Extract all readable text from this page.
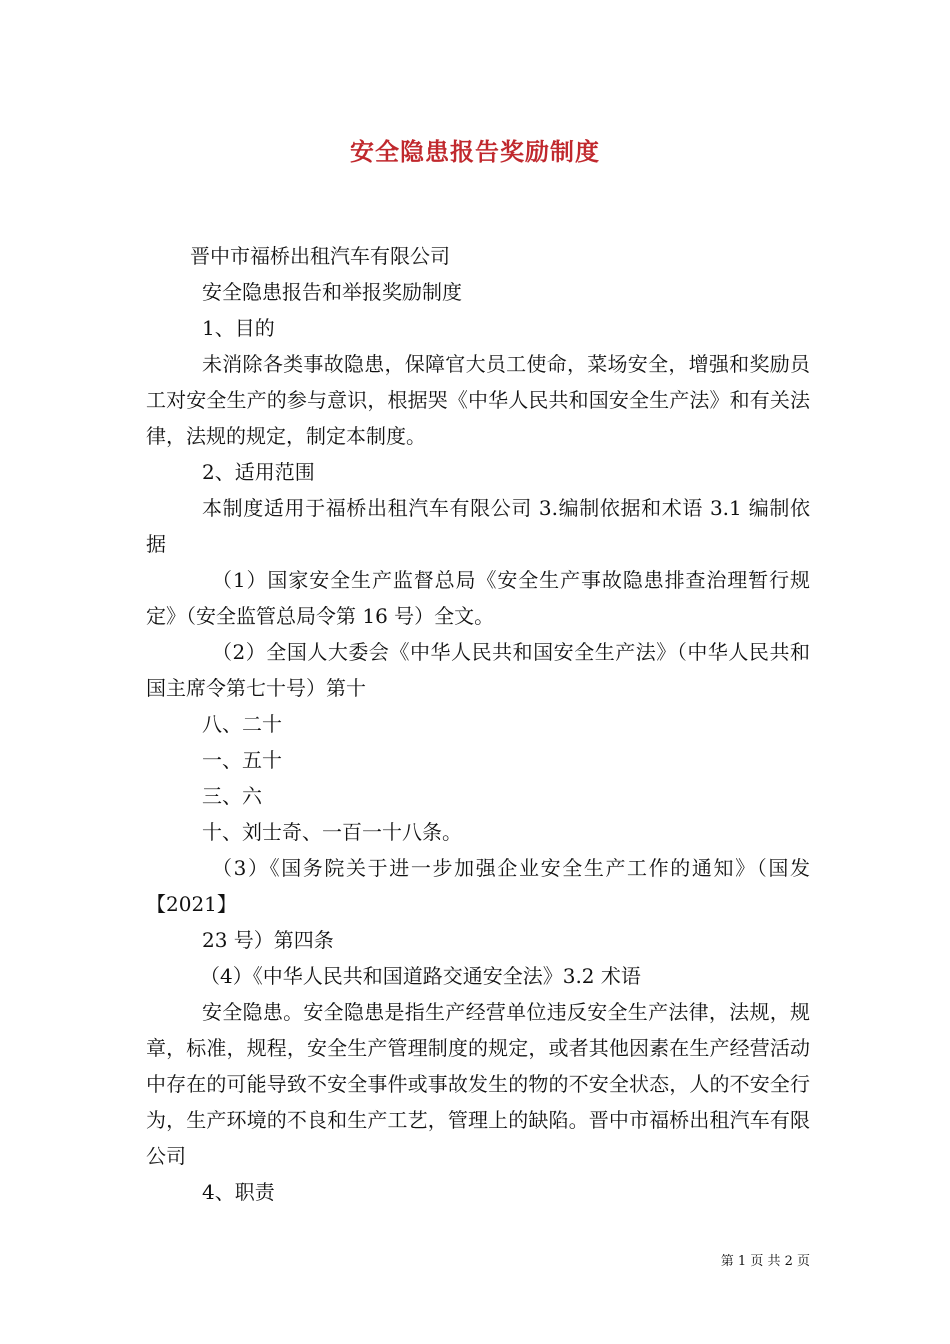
安全隐患报告奖励制度

晋中市福桥出租汽车有限公司

安全隐患报告和举报奖励制度

1、目的

未消除各类事故隐患，保障官大员工使命，菜场安全，增强和奖励员工对安全生产的参与意识，根据哭《中华人民共和国安全生产法》和有关法律，法规的规定，制定本制度。

2、适用范围

本制度适用于福桥出租汽车有限公司 3.编制依据和术语 3.1 编制依据

（1）国家安全生产监督总局《安全生产事故隐患排查治理暂行规定》（安全监管总局令第 16 号）全文。

（2）全国人大委会《中华人民共和国安全生产法》（中华人民共和国主席令第七十号）第十

八、二十

一、五十

三、六

十、刘士奇、一百一十八条。

（3）《国务院关于进一步加强企业安全生产工作的通知》（国发【2021】

23 号）第四条

（4）《中华人民共和国道路交通安全法》3.2 术语

安全隐患。安全隐患是指生产经营单位违反安全生产法律，法规，规章，标准，规程，安全生产管理制度的规定，或者其他因素在生产经营活动中存在的可能导致不安全事件或事故发生的物的不安全状态，人的不安全行为，生产环境的不良和生产工艺，管理上的缺陷。晋中市福桥出租汽车有限公司

4、职责

第 1 页 共 2 页
